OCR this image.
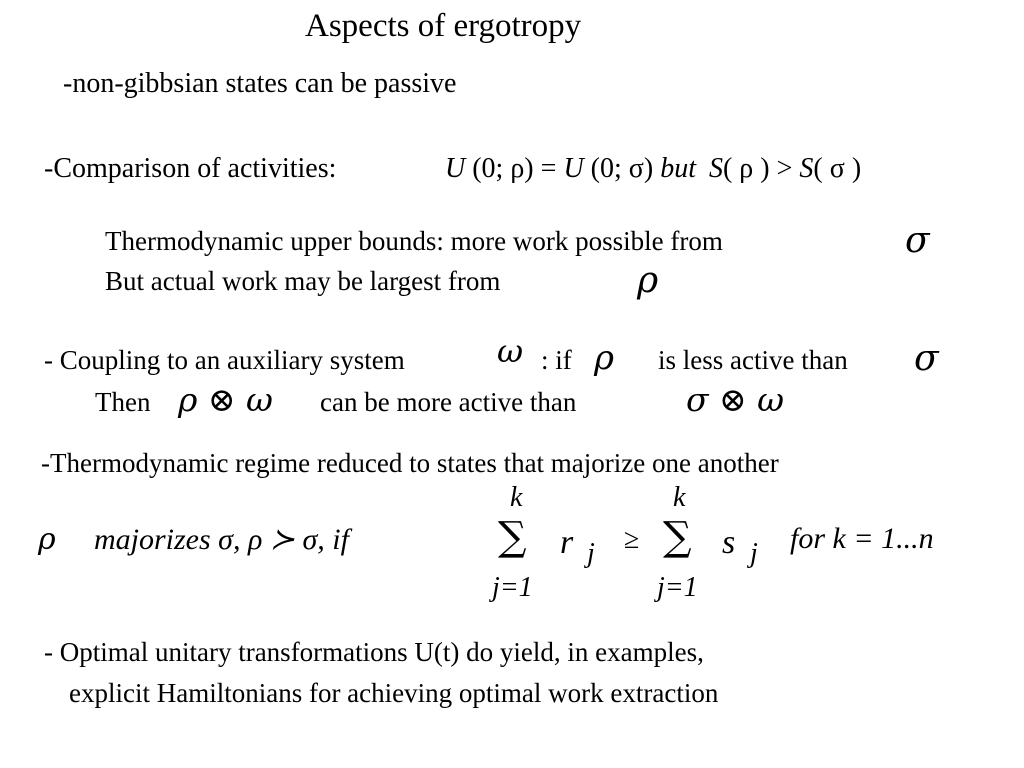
Aspects of ergotropy
-non-gibbsian states can be passive
-Comparison of activities:	U (0; ρ) = U (0; σ) but S( ρ ) > S( σ )
Thermodynamic upper bounds: more work possible from	σ
But actual work may be largest from	ρ
- Coupling to an auxiliary system	ω : if ρ is less active than σ
Then ρ ⊗ ω can be more active than	σ ⊗ ω
-Thermodynamic regime reduced to states that majorize one another
ρ majorizes σ, ρ ≻ σ, if
k
∑
j=1
r j ≥
k
∑
j=1
s j for k = 1...n
- Optimal unitary transformations U(t) do yield, in examples,
explicit Hamiltonians for achieving optimal work extraction
